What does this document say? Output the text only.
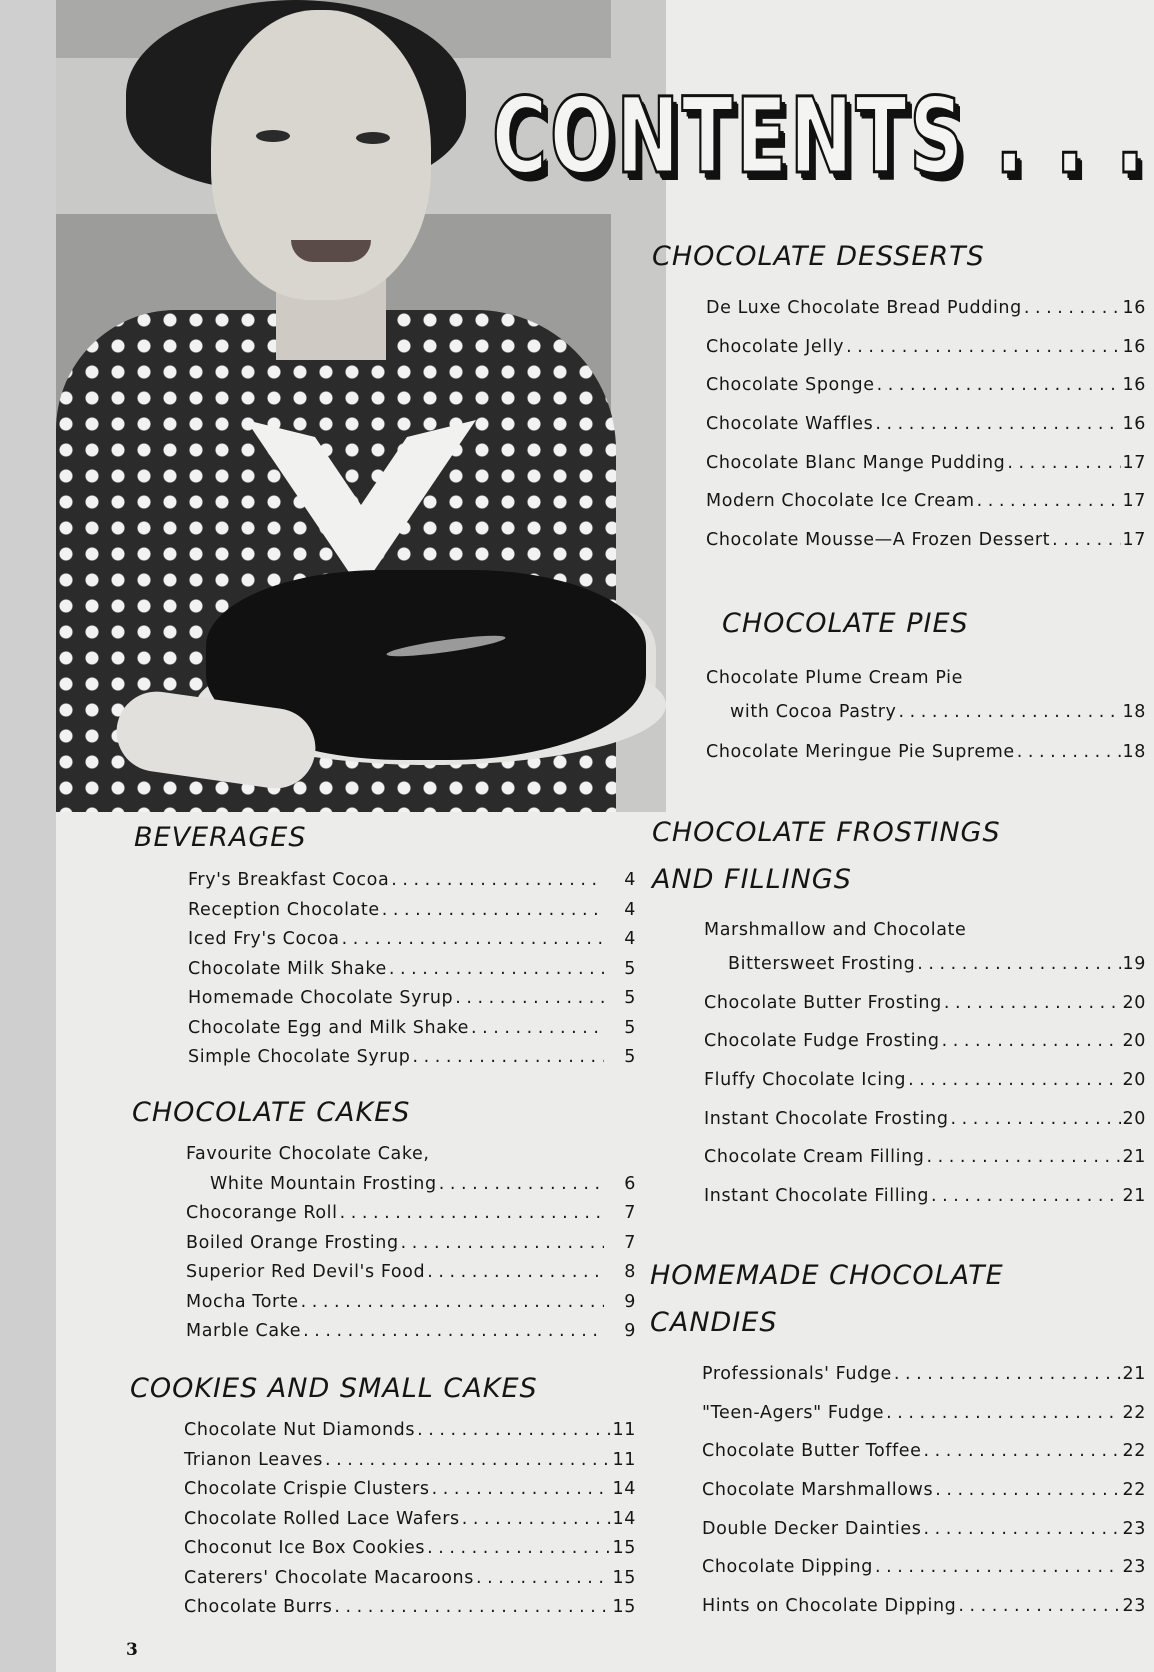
CONTENTS . . .
CHOCOLATE DESSERTS
De Luxe Chocolate Bread Pudding . . .	16
Chocolate Jelly . . .	16
Chocolate Sponge . . .	16
Chocolate Waffles . . .	16
Chocolate Blanc Mange Pudding . . .	17
Modern Chocolate Ice Cream . . .	17
Chocolate Mousse—A Frozen Dessert . . .	17
CHOCOLATE PIES
Chocolate Plume Cream Pie
with Cocoa Pastry . . .	18
Chocolate Meringue Pie Supreme . . .	18
CHOCOLATE FROSTINGS
AND FILLINGS
Marshmallow and Chocolate
Bittersweet Frosting . . .	19
Chocolate Butter Frosting . . .	20
Chocolate Fudge Frosting . . .	20
Fluffy Chocolate Icing . . .	20
Instant Chocolate Frosting . . .	20
Chocolate Cream Filling . . .	21
Instant Chocolate Filling . . .	21
HOMEMADE CHOCOLATE
CANDIES
Professionals' Fudge . . .	21
"Teen-Agers" Fudge . . .	22
Chocolate Butter Toffee . . .	22
Chocolate Marshmallows . . .	22
Double Decker Dainties . . .	23
Chocolate Dipping . . .	23
Hints on Chocolate Dipping . . .	23
BEVERAGES
Fry's Breakfast Cocoa . . .	4
Reception Chocolate . . .	4
Iced Fry's Cocoa . . .	4
Chocolate Milk Shake . . .	5
Homemade Chocolate Syrup . . .	5
Chocolate Egg and Milk Shake . . .	5
Simple Chocolate Syrup . . .	5
CHOCOLATE CAKES
Favourite Chocolate Cake,
White Mountain Frosting . . .	6
Chocorange Roll . . .	7
Boiled Orange Frosting . . .	7
Superior Red Devil's Food . . .	8
Mocha Torte . . .	9
Marble Cake . . .	9
COOKIES AND SMALL CAKES
Chocolate Nut Diamonds . . .	11
Trianon Leaves . . .	11
Chocolate Crispie Clusters . . .	14
Chocolate Rolled Lace Wafers . . .	14
Choconut Ice Box Cookies . . .	15
Caterers' Chocolate Macaroons . . .	15
Chocolate Burrs . . .	15
3
